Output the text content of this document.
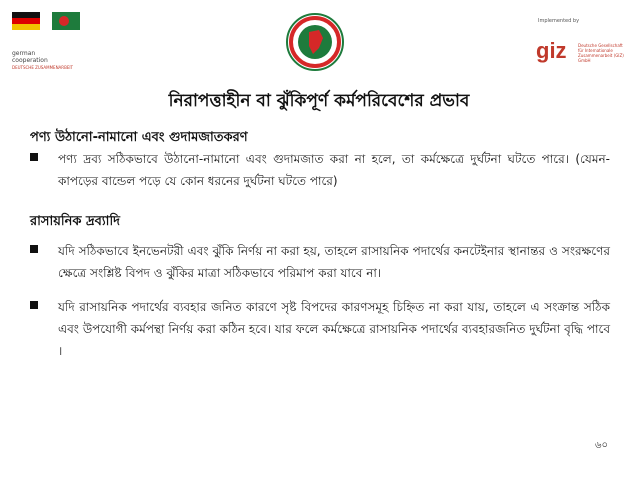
german
cooperation
DEUTSCHE ZUSAMMENARBEIT
Implemented by
giz	Deutsche Gesellschaft
für Internationale
Zusammenarbeit (GIZ) GmbH
নিরাপত্তাহীন বা ঝুঁকিপূর্ণ কর্মপরিবেশের প্রভাব
পণ্য উঠানো-নামানো এবং গুদামজাতকরণ
পণ্য দ্রব্য সঠিকভাবে উঠানো-নামানো এবং গুদামজাত করা না হলে, তা কর্মক্ষেত্রে দুর্ঘটনা ঘটতে পারে। (যেমন- কাপড়ের বান্ডেল পড়ে যে কোন ধরনের দুর্ঘটনা ঘটতে পারে)
রাসায়নিক দ্রব্যাদি
যদি সঠিকভাবে ইনভেনটরী এবং ঝুঁকি নির্ণয় না করা হয়, তাহলে রাসায়নিক পদার্থের কনটেইনার স্থানান্তর ও সংরক্ষণের ক্ষেত্রে সংশ্লিষ্ট বিপদ ও ঝুঁকির মাত্রা সঠিকভাবে পরিমাপ করা যাবে না।
যদি রাসায়নিক পদার্থের ব্যবহার জনিত কারণে সৃষ্ট বিপদের কারণসমূহ চিহ্নিত না করা যায়, তাহলে এ সংক্রান্ত সঠিক এবং উপযোগী কর্মপন্থা নির্ণয় করা কঠিন হবে। যার ফলে কর্মক্ষেত্রে রাসায়নিক পদার্থের ব্যবহারজনিত দুর্ঘটনা বৃদ্ধি পাবে ।
৬০
